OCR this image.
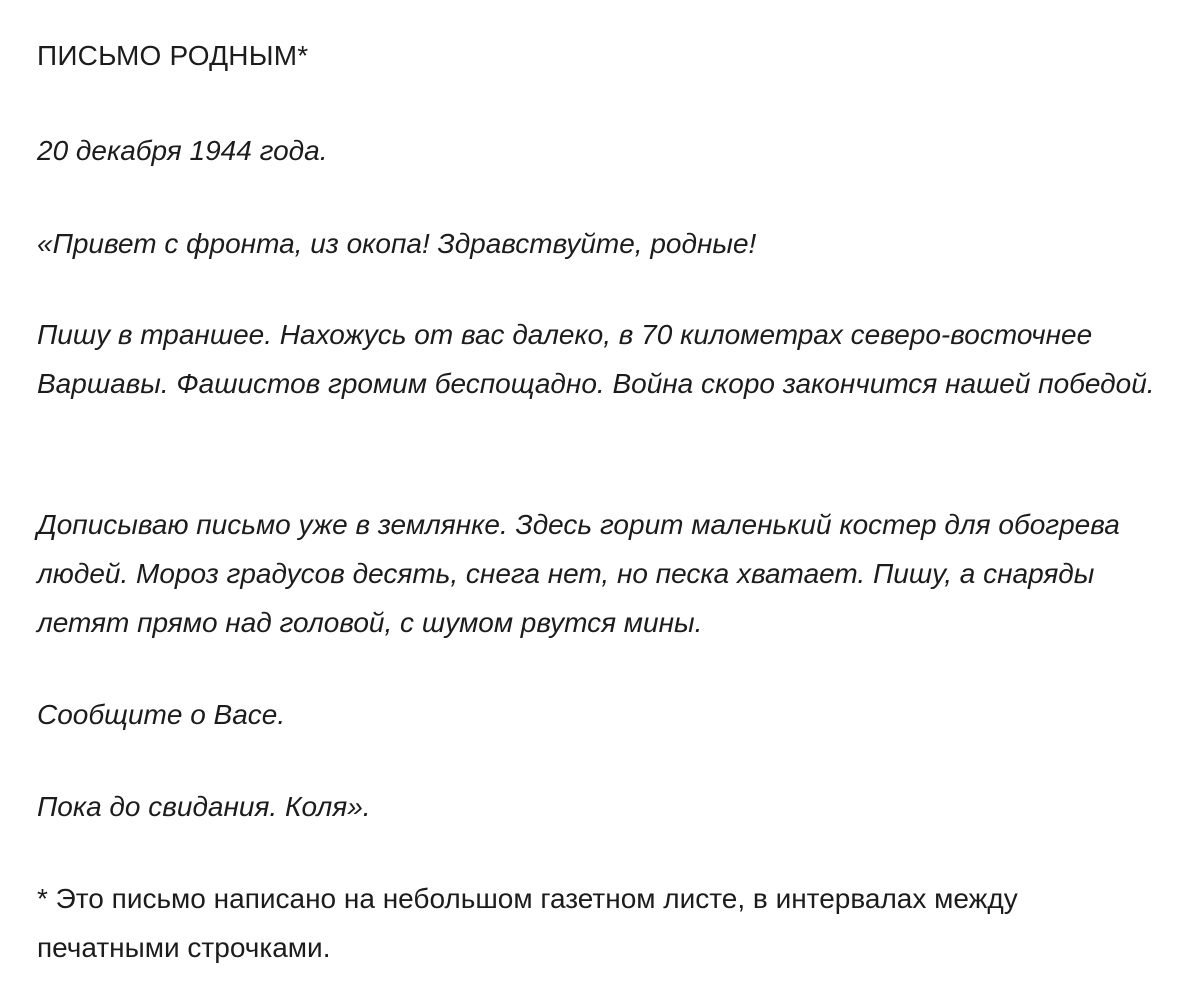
ПИСЬМО РОДНЫМ*

20 декабря 1944 года.

«Привет с фронта, из окопа! Здравствуйте, родные!

Пишу в траншее. Нахожусь от вас далеко, в 70 километрах северо-восточнее Варшавы. Фашистов громим беспощадно. Война скоро закончится нашей победой.

Дописываю письмо уже в землянке. Здесь горит маленький костер для обогрева людей. Мороз градусов десять, снега нет, но песка хватает. Пишу, а снаряды летят прямо над головой, с шумом рвутся мины.

Сообщите о Васе.

Пока до свидания. Коля».

* Это письмо написано на небольшом газетном листе, в интервалах между печатными строчками.
